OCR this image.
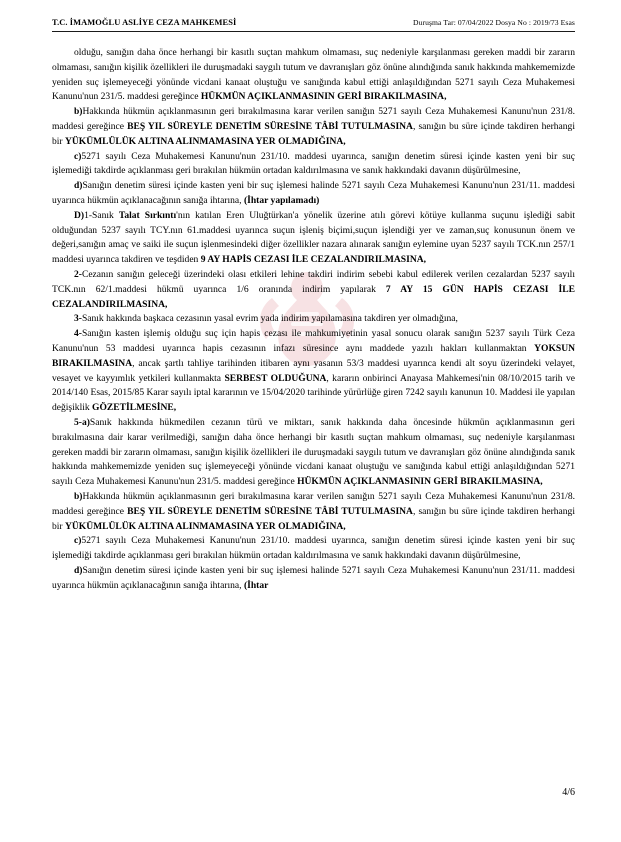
T.C. İMAMOĞLU ASLİYE CEZA MAHKEMESİ	Duruşma Tar: 07/04/2022 Dosya No : 2019/73 Esas

olduğu, sanığın daha önce herhangi bir kasıtlı suçtan mahkum olmaması, suç nedeniyle karşılanması gereken maddi bir zararın olmaması, sanığın kişilik özellikleri ile duruşmadaki saygılı tutum ve davranışları göz önüne alındığında sanık hakkında mahkememizde yeniden suç işlemeyeceği yönünde vicdani kanaat oluştuğu ve sanığında kabul ettiği anlaşıldığından 5271 sayılı Ceza Muhakemesi Kanunu'nun 231/5. maddesi gereğince HÜKMÜN AÇIKLANMASININ GERİ BIRAKILMASINA,

b)Hakkında hükmün açıklanmasının geri bırakılmasına karar verilen sanığın 5271 sayılı Ceza Muhakemesi Kanunu'nun 231/8. maddesi gereğince BEŞ YIL SÜREYLE DENETİM SÜRESİNE TÂBİ TUTULMASINA, sanığın bu süre içinde takdiren herhangi bir YÜKÜMLÜLÜK ALTINA ALINMAMASINA YER OLMADIĞINA,

c)5271 sayılı Ceza Muhakemesi Kanunu'nun 231/10. maddesi uyarınca, sanığın denetim süresi içinde kasten yeni bir suç işlemediği takdirde açıklanması geri bırakılan hükmün ortadan kaldırılmasına ve sanık hakkındaki davanın düşürülmesine,

d)Sanığın denetim süresi içinde kasten yeni bir suç işlemesi halinde 5271 sayılı Ceza Muhakemesi Kanunu'nun 231/11. maddesi uyarınca hükmün açıklanacağının sanığa ihtarına, (İhtar yapılamadı)

D)1-Sanık Talat Sırkıntı'nın katılan Eren Uluğtürkan'a yönelik üzerine atılı görevi kötüye kullanma suçunu işlediği sabit olduğundan 5237 sayılı TCY.nın 61.maddesi uyarınca suçun işleniş biçimi,suçun işlendiği yer ve zaman,suç konusunun önem ve değeri,sanığın amaç ve saiki ile suçun işlenmesindeki diğer özellikler nazara alınarak sanığın eylemine uyan 5237 sayılı TCK.nın 257/1 maddesi uyarınca takdiren ve teşdiden 9 AY HAPİS CEZASI İLE CEZALANDIRILMASINA,

2-Cezanın sanığın geleceği üzerindeki olası etkileri lehine takdiri indirim sebebi kabul edilerek verilen cezalardan 5237 sayılı TCK.nın 62/1.maddesi hükmü uyarınca 1/6 oranında indirim yapılarak 7 AY 15 GÜN HAPİS CEZASI İLE CEZALANDIRILMASINA,

3-Sanık hakkında başkaca cezasının yasal evrim yada indirim yapılamasına takdiren yer olmadığına,

4-Sanığın kasten işlemiş olduğu suç için hapis cezası ile mahkumiyetinin yasal sonucu olarak sanığın 5237 sayılı Türk Ceza Kanunu'nun 53 maddesi uyarınca hapis cezasının infazı süresince aynı maddede yazılı hakları kullanmaktan YOKSUN BIRAKILMASINA, ancak şartlı tahliye tarihinden itibaren aynı yasanın 53/3 maddesi uyarınca kendi alt soyu üzerindeki velayet, vesayet ve kayyımlık yetkileri kullanmakta SERBEST OLDUĞUNA, kararın onbirinci Anayasa Mahkemesi'nin 08/10/2015 tarih ve 2014/140 Esas, 2015/85 Karar sayılı iptal kararının ve 15/04/2020 tarihinde yürürlüğe giren 7242 sayılı kanunun 10. Maddesi ile yapılan değişiklik GÖZETİLMESİNE,

5-a)Sanık hakkında hükmedilen cezanın türü ve miktarı, sanık hakkında daha öncesinde hükmün açıklanmasının geri bırakılmasına dair karar verilmediği, sanığın daha önce herhangi bir kasıtlı suçtan mahkum olmaması, suç nedeniyle karşılanması gereken maddi bir zararın olmaması, sanığın kişilik özellikleri ile duruşmadaki saygılı tutum ve davranışları göz önüne alındığında sanık hakkında mahkememizde yeniden suç işlemeyeceği yönünde vicdani kanaat oluştuğu ve sanığında kabul ettiği anlaşıldığından 5271 sayılı Ceza Muhakemesi Kanunu'nun 231/5. maddesi gereğince HÜKMÜN AÇIKLANMASININ GERİ BIRAKILMASINA,

b)Hakkında hükmün açıklanmasının geri bırakılmasına karar verilen sanığın 5271 sayılı Ceza Muhakemesi Kanunu'nun 231/8. maddesi gereğince BEŞ YIL SÜREYLE DENETİM SÜRESİNE TÂBİ TUTULMASINA, sanığın bu süre içinde takdiren herhangi bir YÜKÜMLÜLÜK ALTINA ALINMAMASINA YER OLMADIĞINA,

c)5271 sayılı Ceza Muhakemesi Kanunu'nun 231/10. maddesi uyarınca, sanığın denetim süresi içinde kasten yeni bir suç işlemediği takdirde açıklanması geri bırakılan hükmün ortadan kaldırılmasına ve sanık hakkındaki davanın düşürülmesine,

d)Sanığın denetim süresi içinde kasten yeni bir suç işlemesi halinde 5271 sayılı Ceza Muhakemesi Kanunu'nun 231/11. maddesi uyarınca hükmün açıklanacağının sanığa ihtarına, (İhtar

4/6
